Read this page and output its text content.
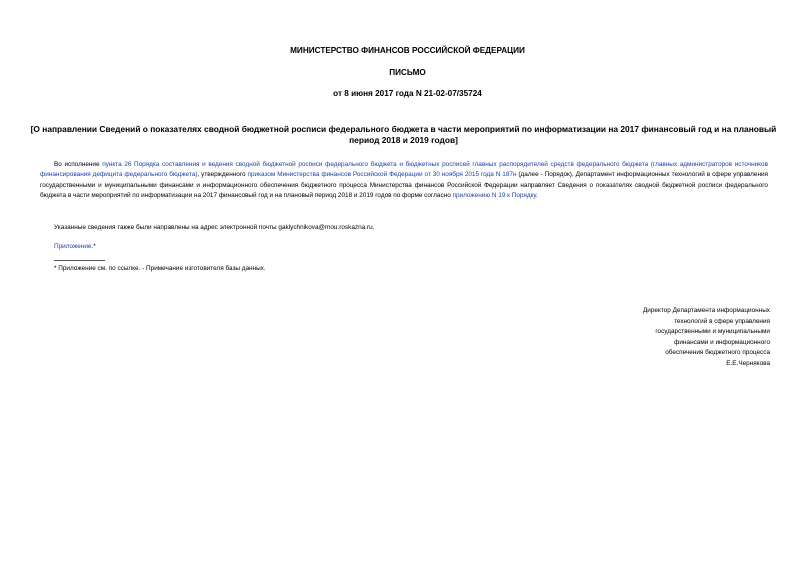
МИНИСТЕРСТВО ФИНАНСОВ РОССИЙСКОЙ ФЕДЕРАЦИИ
ПИСЬМО
от 8 июня 2017 года N 21-02-07/35724
[О направлении Сведений о показателях сводной бюджетной росписи федерального бюджета в части мероприятий по информатизации на 2017 финансовый год и на плановый период 2018 и 2019 годов]
Во исполнение пункта 26 Порядка составления и ведения сводной бюджетной росписи федерального бюджета и бюджетных росписей главных распорядителей средств федерального бюджета (главных администраторов источников финансирования дефицита федерального бюджета), утвержденного приказом Министерства финансов Российской Федерации от 30 ноября 2015 года N 187н (далее - Порядок), Департамент информационных технологий в сфере управления государственными и муниципальными финансами и информационного обеспечения бюджетного процесса Министерства финансов Российской Федерации направляет Сведения о показателях сводной бюджетной росписи федерального бюджета в части мероприятий по информатизации на 2017 финансовый год и на плановый период 2018 и 2019 годов по форме согласно приложению N 19 к Порядку.
Указанные сведения также были направлены на адрес электронной почты gaklychnikova@mou.roskazna.ru.
Приложение.*
* Приложение см. по ссылке. - Примечание изготовителя базы данных.
Директор Департамента информационных
технологий в сфере управления
государственными и муниципальными
финансами и информационного
обеспечения бюджетного процесса
Е.Е.Чернякова
